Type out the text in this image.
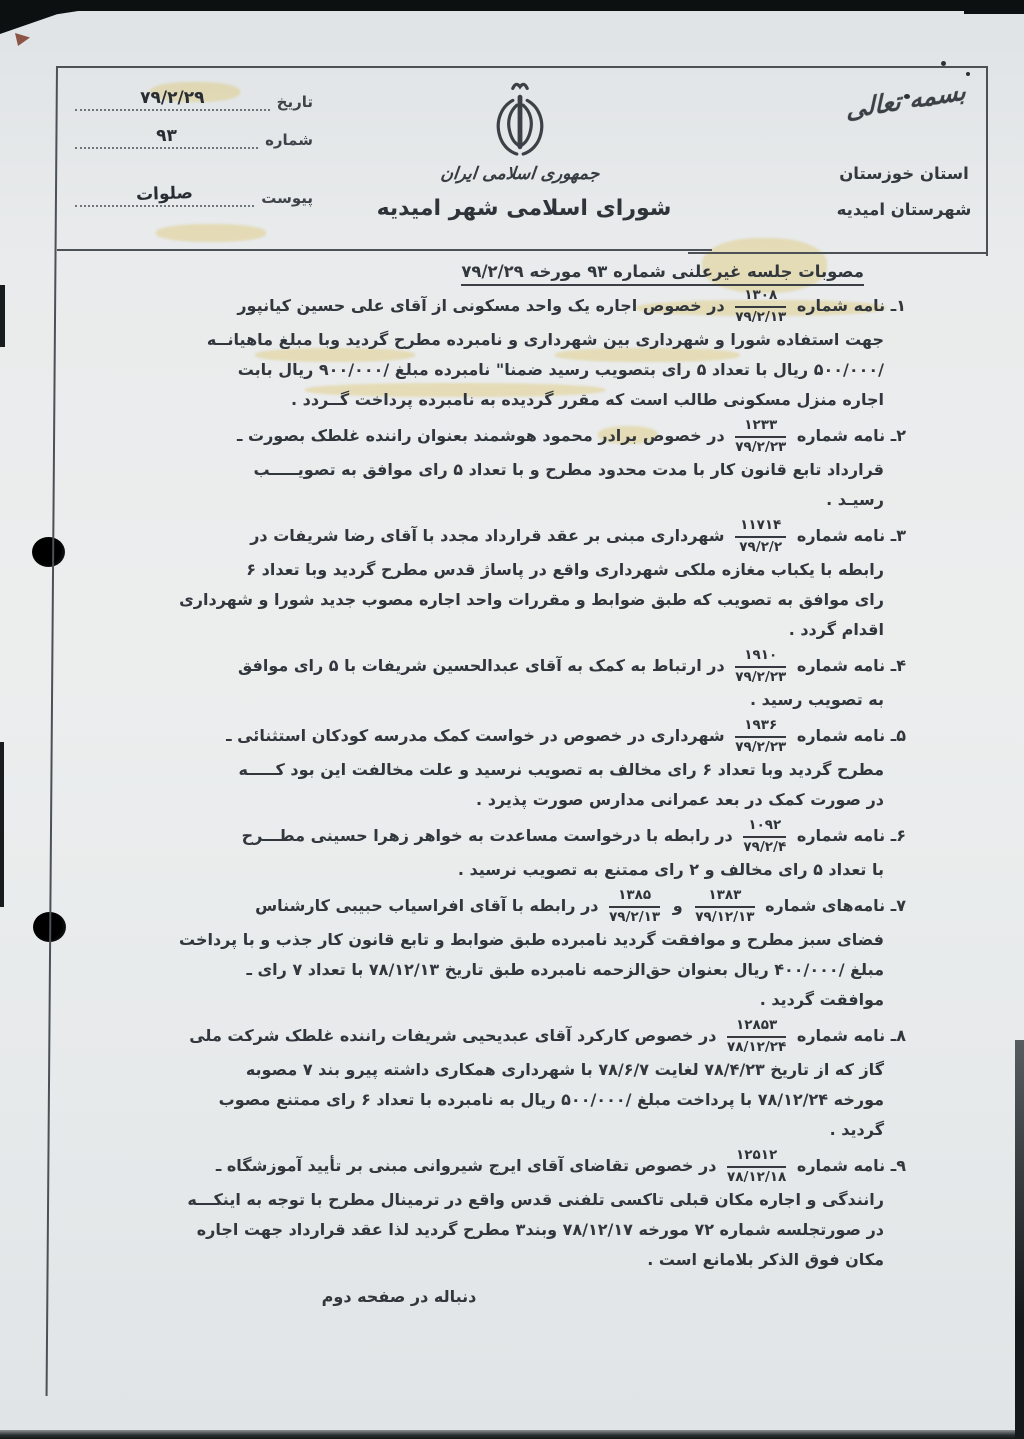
تاریخ
۷۹/۲/۲۹
شماره
۹۳
پیوست
صلوات
جمهوری اسلامی ایران
شورای اسلامی شهر امیدیه
بسمه تعالی
استان خوزستان
شهرستان امیدیه
مصوبات جلسه غیرعلنی شماره ۹۳ مورخه ۷۹/۲/۲۹
۱ـ نامه شماره
$\frac{۱۳۰۸}{۷۹/۲/۱۳}$
در خصوص اجاره یک واحد مسکونی از آقای علی حسین کیانپور
جهت استفاده شورا و شهرداری بین شهرداری و نامبرده مطرح گردید وبا مبلغ ماهیانــه
/۵۰۰/۰۰۰ ریال با تعداد ۵ رای بتصویب رسید ضمنا" نامبرده مبلغ /۹۰۰/۰۰۰ ریال بابت
اجاره منزل مسکونی طالب است که مقرر گردیده به نامبرده پرداخت گــردد .
۲ـ نامه شماره
$\frac{۱۲۳۳}{۷۹/۲/۲۳}$
در خصوص برادر محمود هوشمند بعنوان راننده غلطک بصورت ـ
قرارداد تابع قانون کار با مدت محدود مطرح و با تعداد ۵ رای موافق به تصویـــــب
رسیـد .
۳ـ نامه شماره
$\frac{۱۱۷۱۴}{۷۹/۲/۲}$
شهرداری مبنی بر عقد قرارداد مجدد با آقای رضا شریفات در
رابطه با یکباب مغازه ملکی شهرداری واقع در پاساژ قدس مطرح گردید وبا تعداد ۶
رای موافق به تصویب که طبق ضوابط و مقررات واحد اجاره مصوب جدید شورا و شهرداری
اقدام گردد .
۴ـ نامه شماره
$\frac{۱۹۱۰}{۷۹/۲/۲۳}$
در ارتباط به کمک به آقای عبدالحسین شریفات با ۵ رای موافق
به تصویب رسید .
۵ـ نامه شماره
$\frac{۱۹۳۶}{۷۹/۲/۲۳}$
شهرداری در خصوص در خواست کمک مدرسه کودکان استثنائی ـ
مطرح گردید وبا تعداد ۶ رای مخالف به تصویب نرسید و علت مخالفت این بود کـــــه
در صورت کمک در بعد عمرانی مدارس صورت پذیرد .
۶ـ نامه شماره
$\frac{۱۰۹۲}{۷۹/۲/۴}$
در رابطه با درخواست مساعدت به خواهر زهرا حسینی مطـــرح
با تعداد ۵ رای مخالف و ۲ رای ممتنع به تصویب نرسید .
۷ـ نامه‌های شماره
$\frac{۱۳۸۳}{۷۹/۱۲/۱۳}$
و
$\frac{۱۳۸۵}{۷۹/۲/۱۳}$
در رابطه با آقای افراسیاب حبیبی کارشناس
فضای سبز مطرح و موافقت گردید نامبرده طبق ضوابط و تابع قانون کار جذب و با پرداخت
مبلغ /۴۰۰/۰۰۰ ریال بعنوان حق‌الزحمه نامبرده طبق تاریخ ۷۸/۱۲/۱۳ با تعداد ۷ رای ـ
موافقت گردید .
۸ـ نامه شماره
$\frac{۱۲۸۵۳}{۷۸/۱۲/۲۴}$
در خصوص کارکرد آقای عبدیحیی شریفات راننده غلطک شرکت ملی
گاز که از تاریخ ۷۸/۴/۲۳ لغایت ۷۸/۶/۷ با شهرداری همکاری داشته پیرو بند ۷ مصوبه
مورخه ۷۸/۱۲/۲۴ با پرداخت مبلغ /۵۰۰/۰۰۰ ریال به نامبرده با تعداد ۶ رای ممتنع مصوب
گردید .
۹ـ نامه شماره
$\frac{۱۲۵۱۲}{۷۸/۱۲/۱۸}$
در خصوص تقاضای آقای ایرج شیروانی مبنی بر تأیید آموزشگاه ـ
رانندگی و اجاره مکان قبلی تاکسی تلفنی قدس واقع در ترمینال مطرح با توجه به اینکـــه
در صورتجلسه شماره ۷۲ مورخه ۷۸/۱۲/۱۷ وبند۳ مطرح گردید لذا عقد قرارداد جهت اجاره
مکان فوق الذکر بلامانع است .
دنباله در صفحه دوم
